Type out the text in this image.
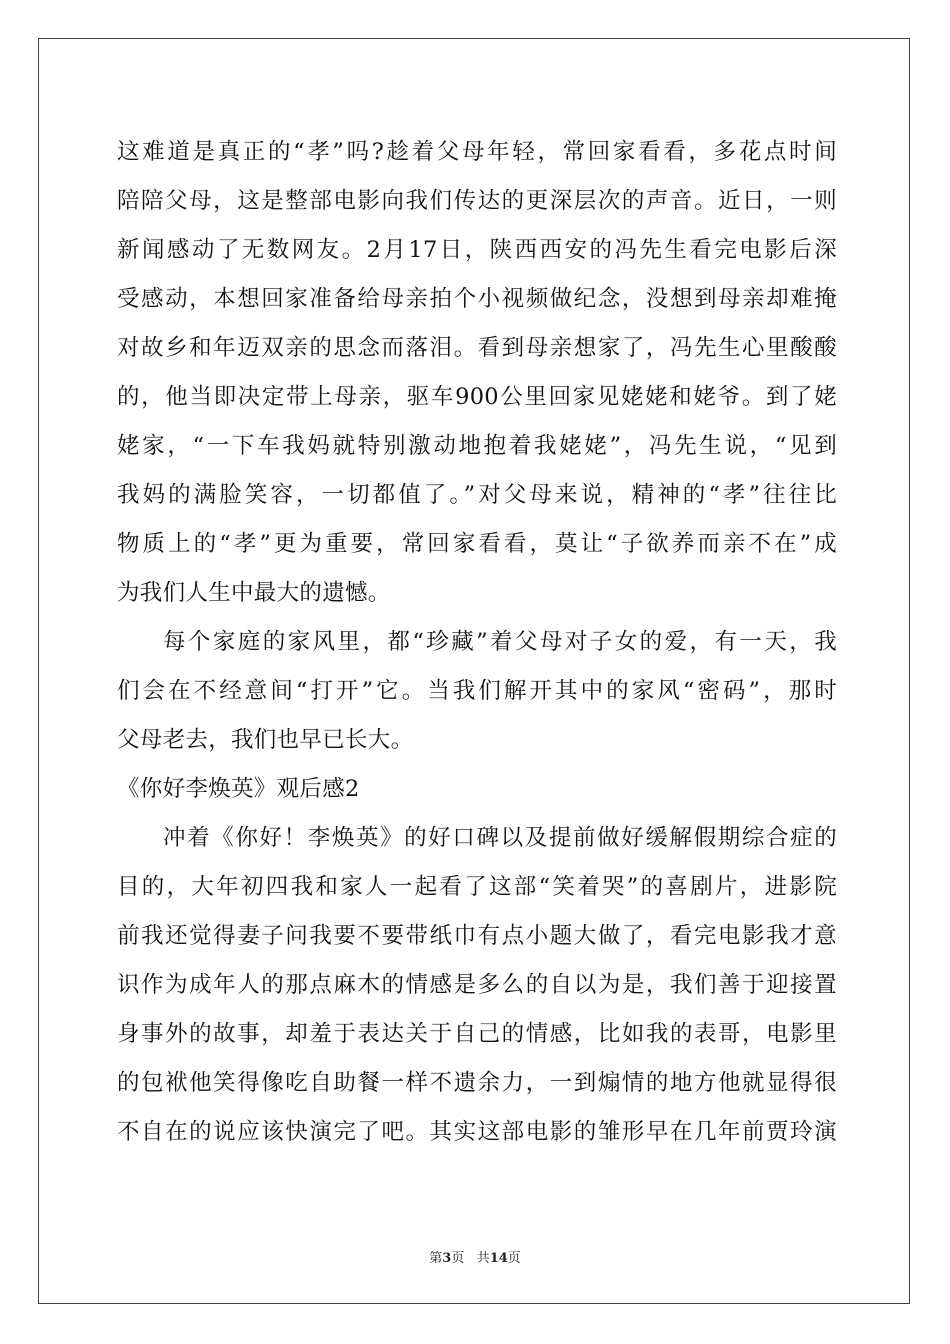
这难道是真正的“孝”吗?趁着父母年轻，常回家看看，多花点时间
陪陪父母，这是整部电影向我们传达的更深层次的声音。近日，一则
新闻感动了无数网友。2月17日，陕西西安的冯先生看完电影后深
受感动，本想回家准备给母亲拍个小视频做纪念，没想到母亲却难掩
对故乡和年迈双亲的思念而落泪。看到母亲想家了，冯先生心里酸酸
的，他当即决定带上母亲，驱车900公里回家见姥姥和姥爷。到了姥
姥家，“一下车我妈就特别激动地抱着我姥姥”，冯先生说，“见到
我妈的满脸笑容，一切都值了。”对父母来说，精神的“孝”往往比
物质上的“孝”更为重要，常回家看看，莫让“子欲养而亲不在”成
为我们人生中最大的遗憾。
每个家庭的家风里，都“珍藏”着父母对子女的爱，有一天，我
们会在不经意间“打开”它。当我们解开其中的家风“密码”，那时
父母老去，我们也早已长大。
《你好李焕英》观后感2
冲着《你好！李焕英》的好口碑以及提前做好缓解假期综合症的
目的，大年初四我和家人一起看了这部“笑着哭”的喜剧片，进影院
前我还觉得妻子问我要不要带纸巾有点小题大做了，看完电影我才意
识作为成年人的那点麻木的情感是多么的自以为是，我们善于迎接置
身事外的故事，却羞于表达关于自己的情感，比如我的表哥，电影里
的包袱他笑得像吃自助餐一样不遗余力，一到煽情的地方他就显得很
不自在的说应该快演完了吧。其实这部电影的雏形早在几年前贾玲演
第3页 共14页
